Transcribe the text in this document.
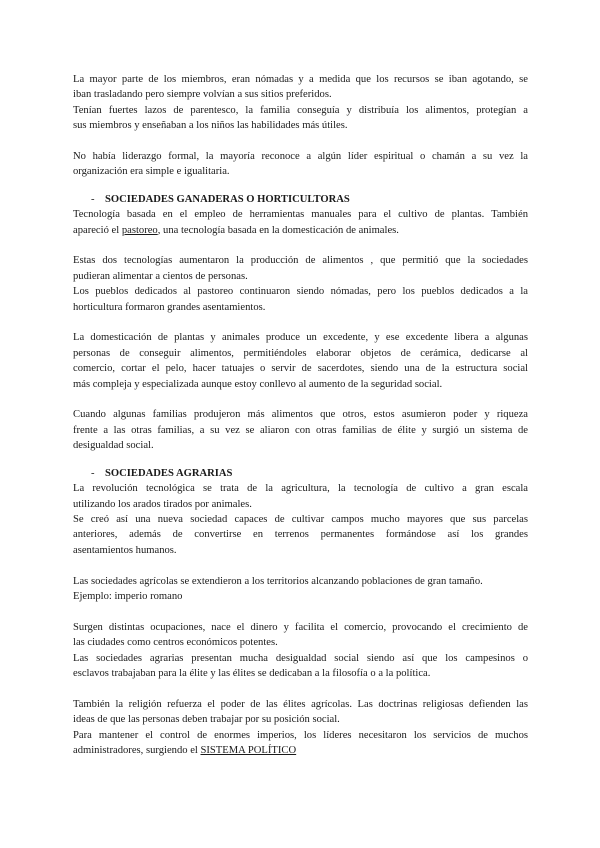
La mayor parte de los miembros, eran nómadas y a medida que los recursos se iban agotando, se
iban trasladando pero siempre volvían a sus sitios preferidos.
Tenían fuertes lazos de parentesco, la familia conseguía y distribuía los alimentos, protegían a
sus miembros y enseñaban a los niños las habilidades más útiles.
No había liderazgo formal, la mayoría reconoce a algún líder espiritual o chamán a su vez la
organización era simple e igualitaria.
- SOCIEDADES GANADERAS O HORTICULTORAS
Tecnología basada en el empleo de herramientas manuales para el cultivo de plantas. También
apareció el pastoreo, una tecnología basada en la domesticación de animales.
Estas dos tecnologías aumentaron la producción de alimentos , que permitió que la sociedades
pudieran alimentar a cientos de personas.
Los pueblos dedicados al pastoreo continuaron siendo nómadas, pero los pueblos dedicados a la
horticultura formaron grandes asentamientos.
La domesticación de plantas y animales produce un excedente, y ese excedente libera a algunas
personas de conseguir alimentos, permitiéndoles elaborar objetos de cerámica, dedicarse al
comercio, cortar el pelo, hacer tatuajes o servir de sacerdotes, siendo una de la estructura social
más compleja y especializada aunque estoy conllevo al aumento de la seguridad social.
Cuando algunas familias produjeron más alimentos que otros, estos asumieron poder y riqueza
frente a las otras familias, a su vez se aliaron con otras familias de élite y surgió un sistema de
desigualdad social.
- SOCIEDADES AGRARIAS
La revolución tecnológica se trata de la agricultura, la tecnología de cultivo a gran escala
utilizando los arados tirados por animales.
Se creó así una nueva sociedad capaces de cultivar campos mucho mayores que sus parcelas
anteriores, además de convertirse en terrenos permanentes formándose así los grandes
asentamientos humanos.
Las sociedades agrícolas se extendieron a los territorios alcanzando poblaciones de gran tamaño.
Ejemplo: imperio romano
Surgen distintas ocupaciones, nace el dinero y facilita el comercio, provocando el crecimiento de
las ciudades como centros económicos potentes.
Las sociedades agrarias presentan mucha desigualdad social siendo así que los campesinos o
esclavos trabajaban para la élite y las élites se dedicaban a la filosofía o a la política.
También la religión refuerza el poder de las élites agrícolas. Las doctrinas religiosas defienden las
ideas de que las personas deben trabajar por su posición social.
Para mantener el control de enormes imperios, los líderes necesitaron los servicios de muchos
administradores, surgiendo el SISTEMA POLÍTICO
